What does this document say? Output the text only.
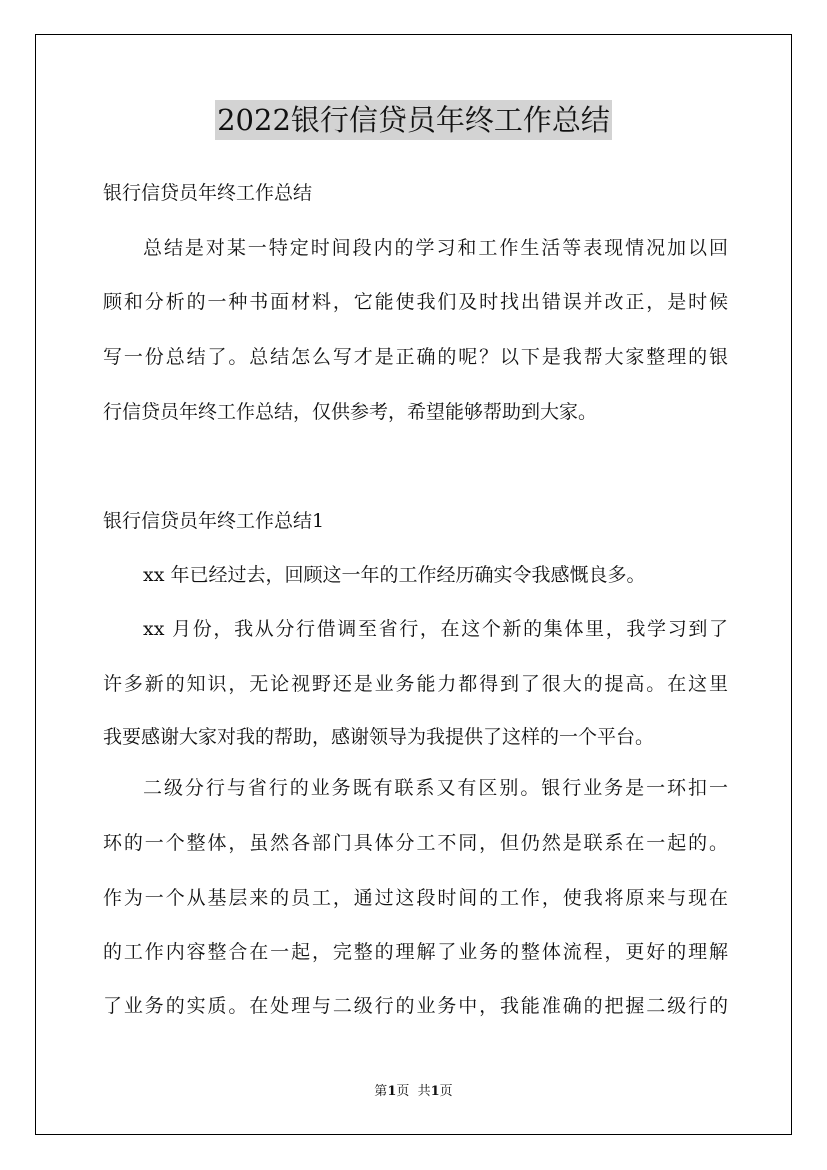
2022银行信贷员年终工作总结
银行信贷员年终工作总结
总结是对某一特定时间段内的学习和工作生活等表现情况加以回
顾和分析的一种书面材料，它能使我们及时找出错误并改正，是时候
写一份总结了。总结怎么写才是正确的呢？以下是我帮大家整理的银
行信贷员年终工作总结，仅供参考，希望能够帮助到大家。
银行信贷员年终工作总结1
xx 年已经过去，回顾这一年的工作经历确实令我感慨良多。
xx 月份，我从分行借调至省行，在这个新的集体里，我学习到了
许多新的知识，无论视野还是业务能力都得到了很大的提高。在这里
我要感谢大家对我的帮助，感谢领导为我提供了这样的一个平台。
二级分行与省行的业务既有联系又有区别。银行业务是一环扣一
环的一个整体，虽然各部门具体分工不同，但仍然是联系在一起的。
作为一个从基层来的员工，通过这段时间的工作，使我将原来与现在
的工作内容整合在一起，完整的理解了业务的整体流程，更好的理解
了业务的实质。在处理与二级行的业务中，我能准确的把握二级行的
第1页  共1页
